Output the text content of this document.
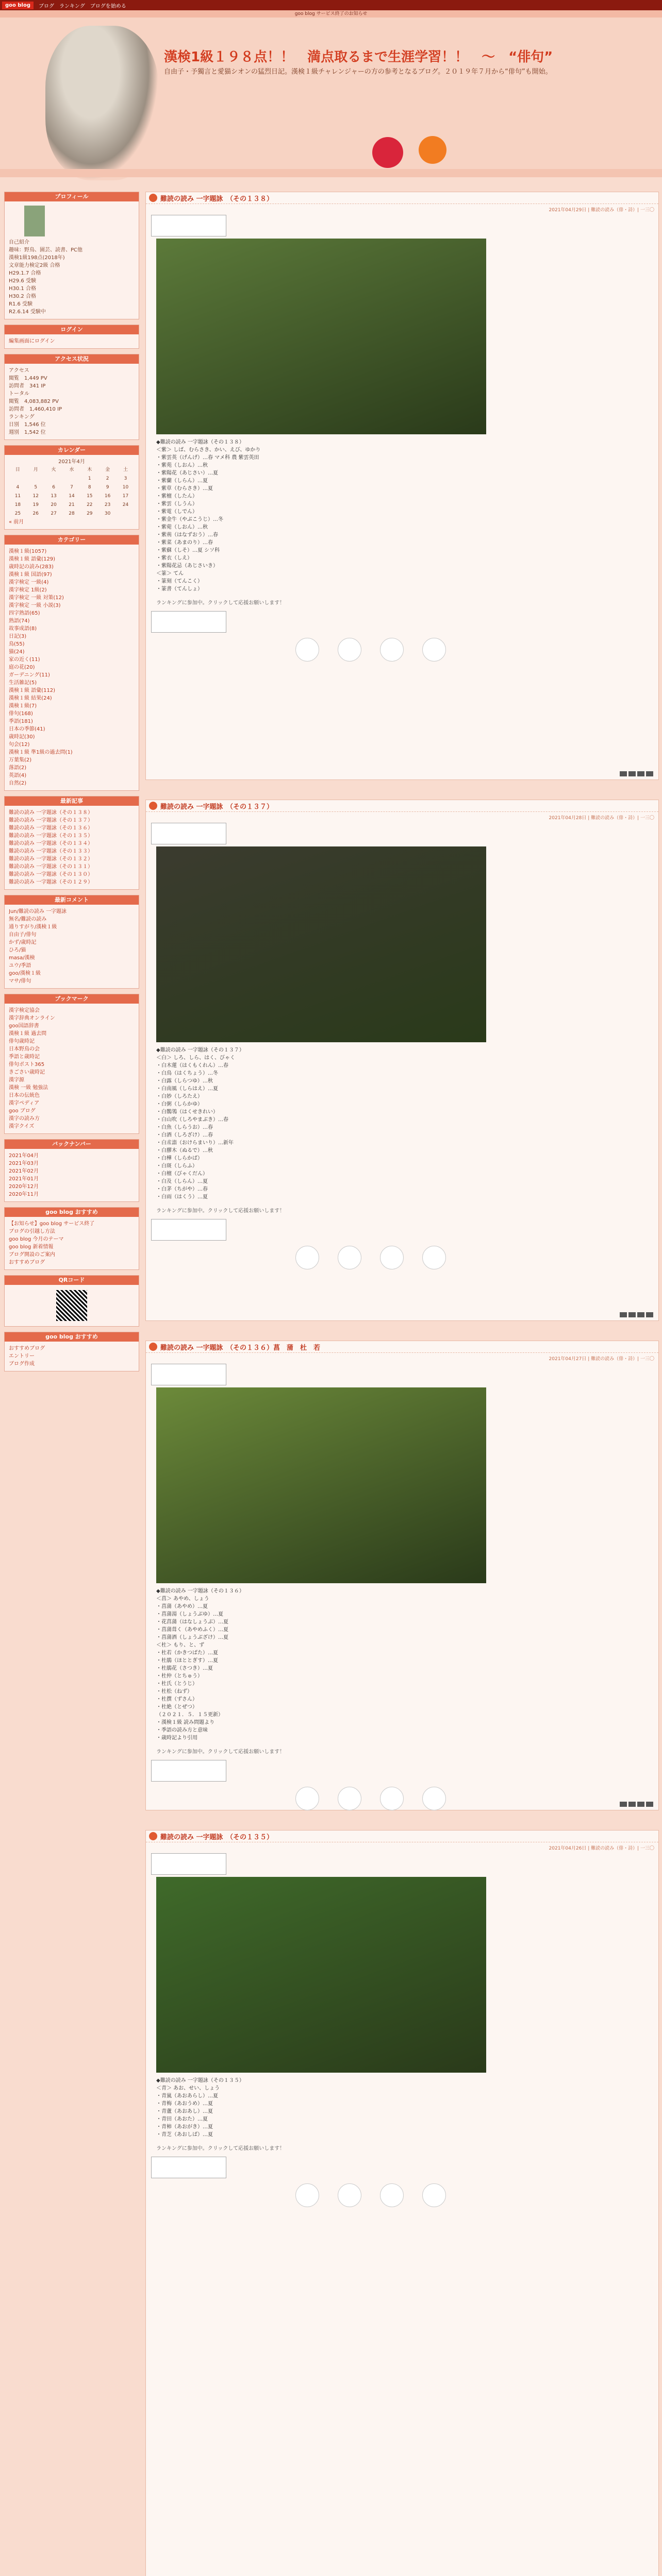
goo blog	ブログ ランキング ブログを始める
goo blog サービス終了のお知らせ
漢検1級１９８点！！　満点取るまで生涯学習！！　～　“俳句”
自由子・予獨言と愛猫シオンの猛烈日記。漢検１級チャレンジャーの方の参考となるブログ。２０１９年７月から“俳句”も開始。
プロフィール
自己紹介
趣味：野鳥、園芸、読書、PC他
漢検1級198点(2018年)
文章能力検定2級 合格
H29.1.7 合格
H29.6 受験
H30.1 合格
H30.2 合格
R1.6 受験
R2.6.14 受験中
ログイン
編集画面にログイン
アクセス状況
アクセス
閲覧　1,449 PV
訪問者　341 IP
トータル
閲覧　4,083,882 PV
訪問者　1,460,410 IP
ランキング
日別　1,546 位
週別　1,542 位
カレンダー
2021年4月
日	月	火	水	木	金	土
				1	2	3
4	5	6	7	8	9	10
11	12	13	14	15	16	17
18	19	20	21	22	23	24
25	26	27	28	29	30	
« 前月
カテゴリー
漢検１級(1057)
漢検１級 語彙(129)
歳時記の読み(283)
漢検１級 国語(97)
漢字検定 一級(4)
漢字検定 1級(2)
漢字検定 一級 対策(12)
漢字検定 一級 小説(3)
四字熟語(65)
熟語(74)
故事成語(8)
日記(3)
鳥(55)
猫(24)
家の近く(11)
庭の花(20)
ガーデニング(11)
生活雑記(5)
漢検１級 語彙(112)
漢検１級 結果(24)
漢検１級(7)
俳句(168)
季語(181)
日本の季節(41)
歳時記(30)
句会(12)
漢検１級 準1級の過去問(1)
万葉集(2)
落語(2)
英語(4)
自然(2)
最新記事
難読の読み 一字題詠（その１３８）
難読の読み 一字題詠（その１３７）
難読の読み 一字題詠（その１３６）
難読の読み 一字題詠（その１３５）
難読の読み 一字題詠（その１３４）
難読の読み 一字題詠（その１３３）
難読の読み 一字題詠（その１３２）
難読の読み 一字題詠（その１３１）
難読の読み 一字題詠（その１３０）
難読の読み 一字題詠（その１２９）
最新コメント
Jun/難読の読み 一字題詠
無名/難読の読み
通りすがり/漢検１級
自由子/俳句
かず/歳時記
ひろ/猫
masa/漢検
ユウ/季語
goo/漢検１級
マサ/俳句
ブックマーク
漢字検定協会
漢字辞典オンライン
goo国語辞書
漢検１級 過去問
俳句歳時記
日本野鳥の会
季語と歳時記
俳句ポスト365
きごさい歳時記
漢字源
漢検 一級 勉強法
日本の伝統色
漢字ペディア
goo ブログ
漢字の読み方
漢字クイズ
バックナンバー
2021年04月
2021年03月
2021年02月
2021年01月
2020年12月
2020年11月
goo blog おすすめ
【お知らせ】goo blog サービス終了
ブログの引越し方法
goo blog 今月のテーマ
goo blog 新着情報
ブログ開設のご案内
おすすめブログ
QRコード
goo blog おすすめ
おすすめブログ
エントリー
ブログ作成
難読の読み 一字題詠　（その１３８）
2021年04月29日 | 難読の読み（俳・詩）| 一三〇
◆難読の読み 一字題詠（その１３８）
＜紫＞ しば、むらさき、かい、えび、ゆかり
・紫雲英（げんげ）…春 マメ科 農 紫雲英田
・紫苑（しおん）…秋
・紫陽花（あじさい）…夏
・紫蘭（しらん）…夏
・紫草（むらさき）…夏
・紫檀（したん）
・紫雲（しうん）
・紫電（しでん）
・紫金牛（やぶこうじ）…冬
・紫菀（しおん）…秋
・紫荊（はなずおう）…春
・紫菜（あまのり）…春
・紫蘇（しそ）…夏 シソ科
・紫衣（しえ）
・紫陽花忌（あじさいき）
＜篆＞ てん
・篆刻（てんこく）
・篆書（てんしょ）
ランキングに参加中。クリックして応援お願いします！
難読の読み 一字題詠　（その１３７）
2021年04月28日 | 難読の読み（俳・詩）| 一三〇
◆難読の読み 一字題詠（その１３７）
＜白＞ しろ、しら、はく、びゃく
・白木蓮（はくもくれん）…春
・白鳥（はくちょう）…冬
・白露（しらつゆ）…秋
・白南風（しらはえ）…夏
・白妙（しろたえ）
・白粥（しらかゆ）
・白鶺鴒（はくせきれい）
・白山吹（しろやまぶき）…春
・白魚（しらうお）…春
・白酒（しろざけ）…春
・白朮詣（おけらまいり）…新年
・白膠木（ぬるで）…秋
・白樺（しらかば）
・白斑（しらふ）
・白檀（びゃくだん）
・白及（しらん）…夏
・白茅（ちがや）…春
・白雨（はくう）…夏
ランキングに参加中。クリックして応援お願いします！
難読の読み 一字題詠　（その１３６）菖　蒲　杜　若
2021年04月27日 | 難読の読み（俳・詩）| 一三〇
◆難読の読み 一字題詠（その１３６）
＜菖＞ あやめ、しょう
・菖蒲（あやめ）…夏
・菖蒲湯（しょうぶゆ）…夏
・花菖蒲（はなしょうぶ）…夏
・菖蒲葺く（あやめふく）…夏
・菖蒲酒（しょうぶざけ）…夏
＜杜＞ もり、と、ず
・杜若（かきつばた）…夏
・杜鵑（ほととぎす）…夏
・杜鵑花（さつき）…夏
・杜仲（とちゅう）
・杜氏（とうじ）
・杜松（ねず）
・杜撰（ずさん）
・杜絶（とぜつ）
（２０２１．５．１５更新）
・漢検１級 読み問題より
・季語の読み方と意味
・歳時記より引用
ランキングに参加中。クリックして応援お願いします！
難読の読み 一字題詠　（その１３５）
2021年04月26日 | 難読の読み（俳・詩）| 一三〇
◆難読の読み 一字題詠（その１３５）
＜青＞ あお、せい、しょう
・青嵐（あおあらし）…夏
・青梅（あおうめ）…夏
・青蘆（あおあし）…夏
・青田（あおた）…夏
・青柿（あおがき）…夏
・青芝（あおしば）…夏
ランキングに参加中。クリックして応援お願いします！
